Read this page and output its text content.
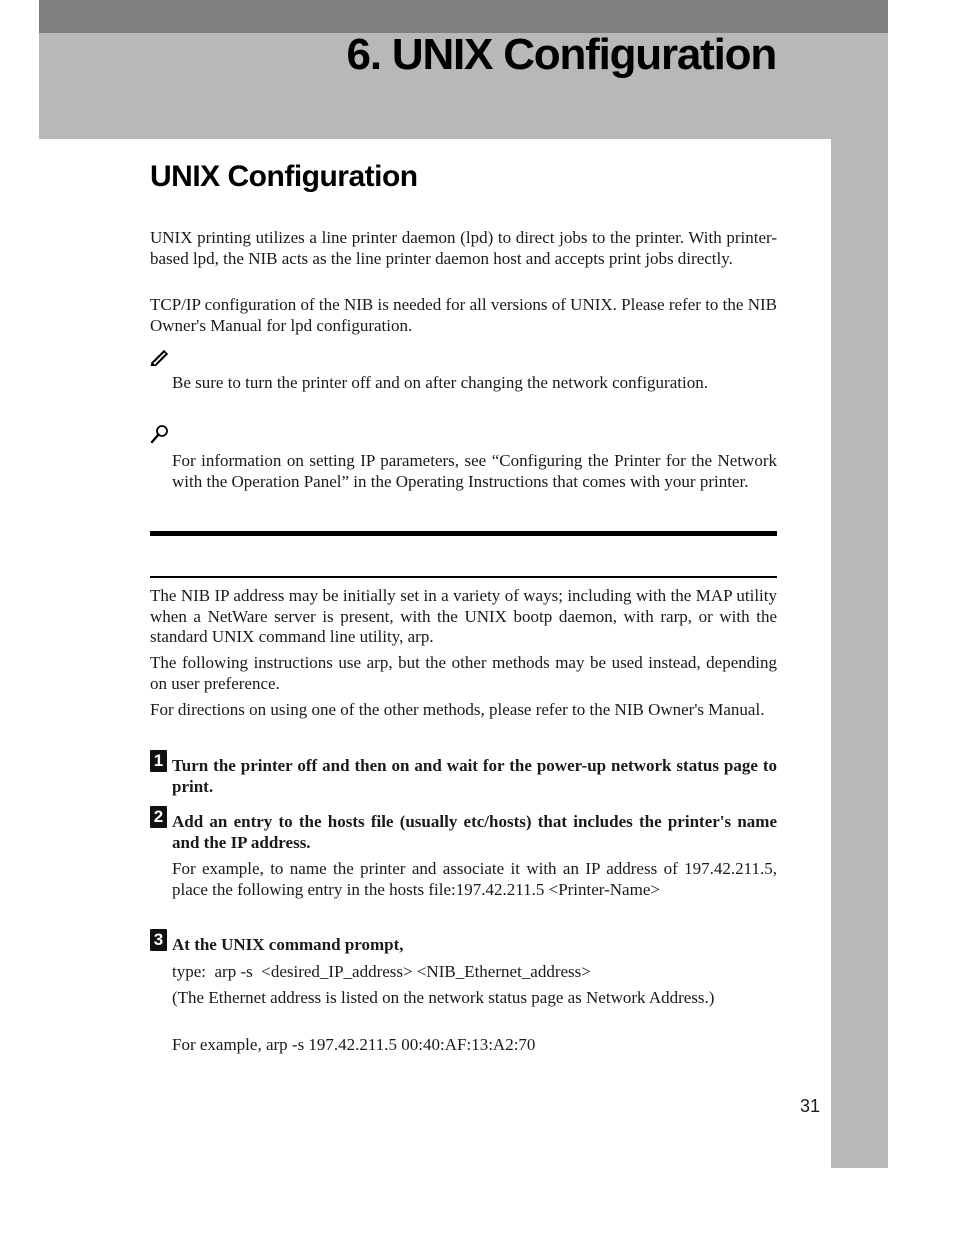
6. UNIX Configuration
UNIX Configuration

UNIX printing utilizes a line printer daemon (lpd) to direct jobs to the printer. With printer-based lpd, the NIB acts as the line printer daemon host and accepts print jobs directly.

TCP/IP configuration of the NIB is needed for all versions of UNIX. Please refer to the NIB Owner's Manual for lpd configuration.

Be sure to turn the printer off and on after changing the network configuration.

For information on setting IP parameters, see “Configuring the Printer for the Network with the Operation Panel” in the Operating Instructions that comes with your printer.

The NIB IP address may be initially set in a variety of ways; including with the MAP utility when a NetWare server is present, with the UNIX bootp daemon, with rarp, or with the standard UNIX command line utility, arp.

The following instructions use arp, but the other methods may be used instead, depending on user preference.

For directions on using one of the other methods, please refer to the NIB Owner's Manual.

1 Turn the printer off and then on and wait for the power-up network status page to print.

2 Add an entry to the hosts file (usually etc/hosts) that includes the printer's name and the IP address.

For example, to name the printer and associate it with an IP address of 197.42.211.5, place the following entry in the hosts file:197.42.211.5 <Printer-Name>

3 At the UNIX command prompt,

type:  arp -s  <desired_IP_address> <NIB_Ethernet_address>

(The Ethernet address is listed on the network status page as Network Address.)

For example, arp -s 197.42.211.5 00:40:AF:13:A2:70

31
